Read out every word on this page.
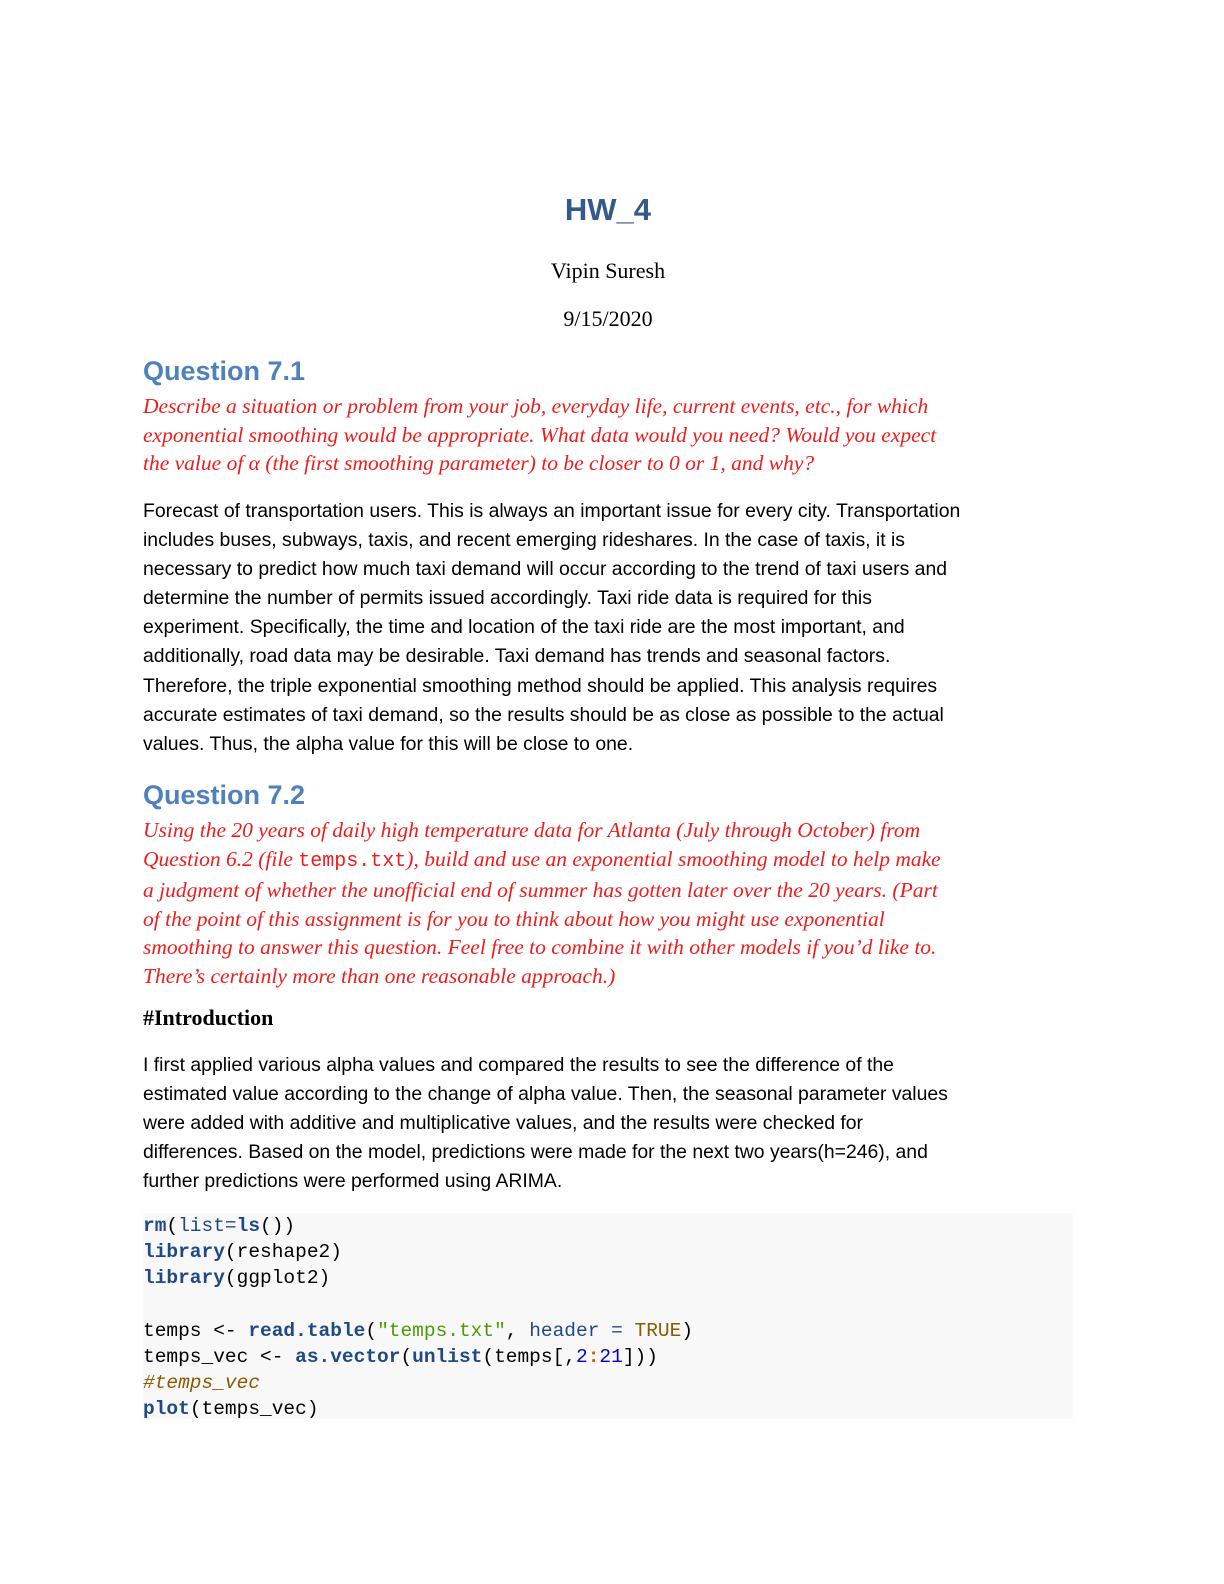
HW_4
Vipin Suresh
9/15/2020
Question 7.1
Describe a situation or problem from your job, everyday life, current events, etc., for which
exponential smoothing would be appropriate. What data would you need? Would you expect
the value of α (the first smoothing parameter) to be closer to 0 or 1, and why?
Forecast of transportation users. This is always an important issue for every city. Transportation
includes buses, subways, taxis, and recent emerging rideshares. In the case of taxis, it is
necessary to predict how much taxi demand will occur according to the trend of taxi users and
determine the number of permits issued accordingly. Taxi ride data is required for this
experiment. Specifically, the time and location of the taxi ride are the most important, and
additionally, road data may be desirable. Taxi demand has trends and seasonal factors.
Therefore, the triple exponential smoothing method should be applied. This analysis requires
accurate estimates of taxi demand, so the results should be as close as possible to the actual
values. Thus, the alpha value for this will be close to one.
Question 7.2
Using the 20 years of daily high temperature data for Atlanta (July through October) from
Question 6.2 (file temps.txt), build and use an exponential smoothing model to help make
a judgment of whether the unofficial end of summer has gotten later over the 20 years. (Part
of the point of this assignment is for you to think about how you might use exponential
smoothing to answer this question. Feel free to combine it with other models if you’d like to.
There’s certainly more than one reasonable approach.)
#Introduction
I first applied various alpha values and compared the results to see the difference of the
estimated value according to the change of alpha value. Then, the seasonal parameter values
were added with additive and multiplicative values, and the results were checked for
differences. Based on the model, predictions were made for the next two years(h=246), and
further predictions were performed using ARIMA.
rm(list=ls())
library(reshape2)
library(ggplot2)
temps <- read.table("temps.txt", header = TRUE)
temps_vec <- as.vector(unlist(temps[,2:21]))
#temps_vec
plot(temps_vec)
